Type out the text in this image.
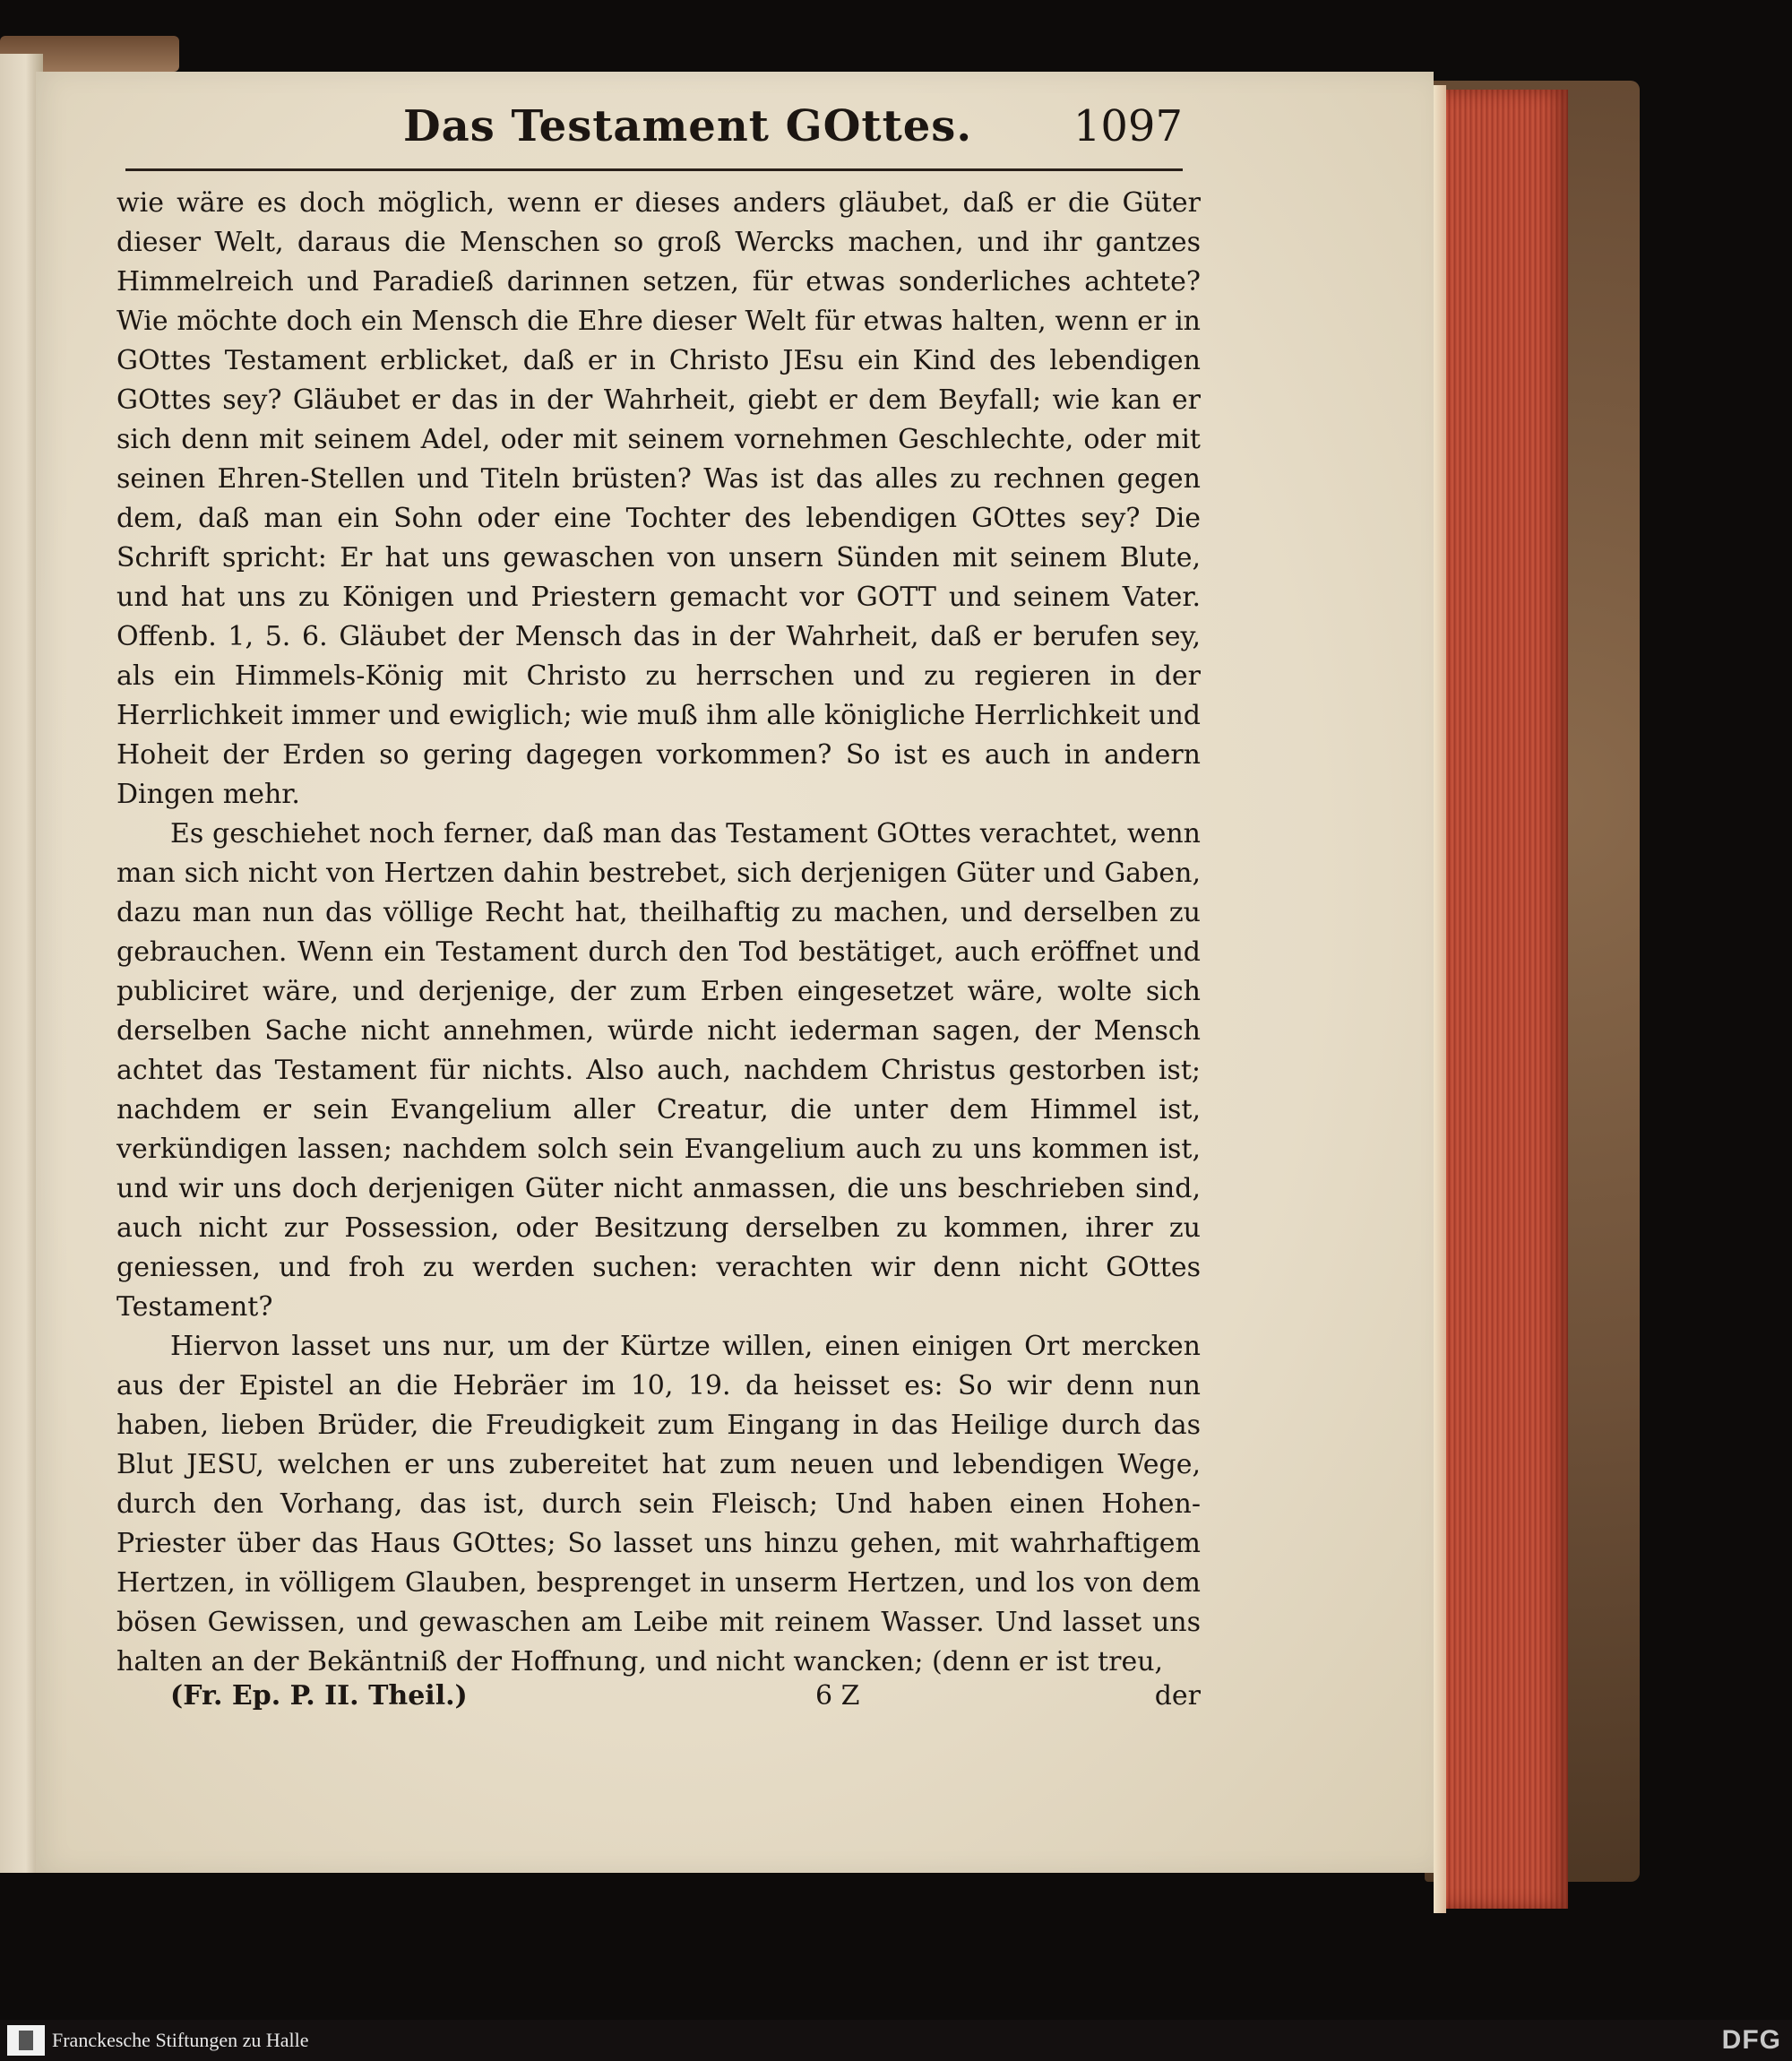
Das Testament GOttes. 1097

wie wäre es doch möglich, wenn er dieses anders gläubet, daß er die Güter dieser Welt, daraus die Menschen so groß Wercks machen, und ihr gantzes Himmelreich und Paradieß darinnen setzen, für etwas sonderliches achtete? Wie möchte doch ein Mensch die Ehre dieser Welt für etwas halten, wenn er in GOttes Testament erblicket, daß er in Christo JEsu ein Kind des lebendigen GOttes sey? Gläubet er das in der Wahrheit, giebt er dem Beyfall; wie kan er sich denn mit seinem Adel, oder mit seinem vornehmen Geschlechte, oder mit seinen Ehren-Stellen und Titeln brüsten? Was ist das alles zu rechnen gegen dem, daß man ein Sohn oder eine Tochter des lebendigen GOttes sey? Die Schrift spricht: Er hat uns gewaschen von unsern Sünden mit seinem Blute, und hat uns zu Königen und Priestern gemacht vor GOTT und seinem Vater. Offenb. 1, 5. 6. Gläubet der Mensch das in der Wahrheit, daß er berufen sey, als ein Himmels-König mit Christo zu herrschen und zu regieren in der Herrlichkeit immer und ewiglich; wie muß ihm alle königliche Herrlichkeit und Hoheit der Erden so gering dagegen vorkommen? So ist es auch in andern Dingen mehr.

Es geschiehet noch ferner, daß man das Testament GOttes verachtet, wenn man sich nicht von Hertzen dahin bestrebet, sich derjenigen Güter und Gaben, dazu man nun das völlige Recht hat, theilhaftig zu machen, und derselben zu gebrauchen. Wenn ein Testament durch den Tod bestätiget, auch eröffnet und publiciret wäre, und derjenige, der zum Erben eingesetzet wäre, wolte sich derselben Sache nicht annehmen, würde nicht iederman sagen, der Mensch achtet das Testament für nichts. Also auch, nachdem Christus gestorben ist; nachdem er sein Evangelium aller Creatur, die unter dem Himmel ist, verkündigen lassen; nachdem solch sein Evangelium auch zu uns kommen ist, und wir uns doch derjenigen Güter nicht anmassen, die uns beschrieben sind, auch nicht zur Possession, oder Besitzung derselben zu kommen, ihrer zu geniessen, und froh zu werden suchen: verachten wir denn nicht GOttes Testament?

Hiervon lasset uns nur, um der Kürtze willen, einen einigen Ort mercken aus der Epistel an die Hebräer im 10, 19. da heisset es: So wir denn nun haben, lieben Brüder, die Freudigkeit zum Eingang in das Heilige durch das Blut JESU, welchen er uns zubereitet hat zum neuen und lebendigen Wege, durch den Vorhang, das ist, durch sein Fleisch; Und haben einen Hohen-Priester über das Haus GOttes; So lasset uns hinzu gehen, mit wahrhaftigem Hertzen, in völligem Glauben, besprenget in unserm Hertzen, und los von dem bösen Gewissen, und gewaschen am Leibe mit reinem Wasser. Und lasset uns halten an der Bekäntniß der Hoffnung, und nicht wancken; (denn er ist treu,

(Fr. Ep. P. II. Theil.)	6 Z	der
Franckesche Stiftungen zu Halle	DFG
